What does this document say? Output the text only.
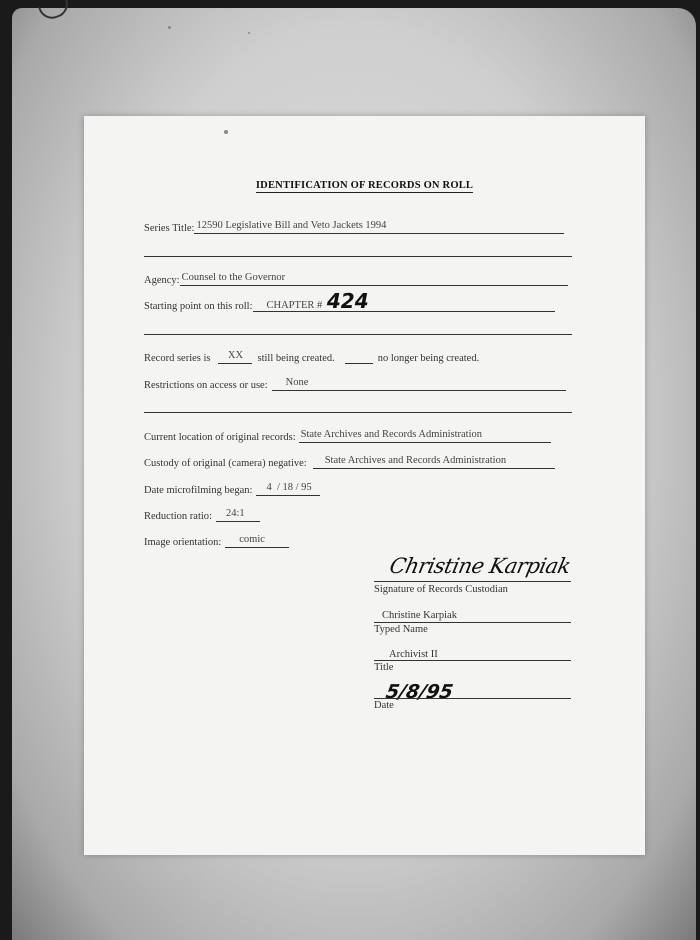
IDENTIFICATION OF RECORDS ON ROLL
Series Title: 12590 Legislative Bill and Veto Jackets 1994
Agency: Counsel to the Governor
Starting point on this roll:	CHAPTER # 424
Record series is	XX	still being created.	no longer being created.
Restrictions on access or use:	None
Current location of original records: State Archives and Records Administration
Custody of original (camera) negative:	State Archives and Records Administration
Date microfilming began:	4  / 18 / 95
Reduction ratio:	24:1
Image orientation:	comic
Christine Karpiak
Signature of Records Custodian
Christine Karpiak
Typed Name
Archivist II
Title
5/8/95
Date
